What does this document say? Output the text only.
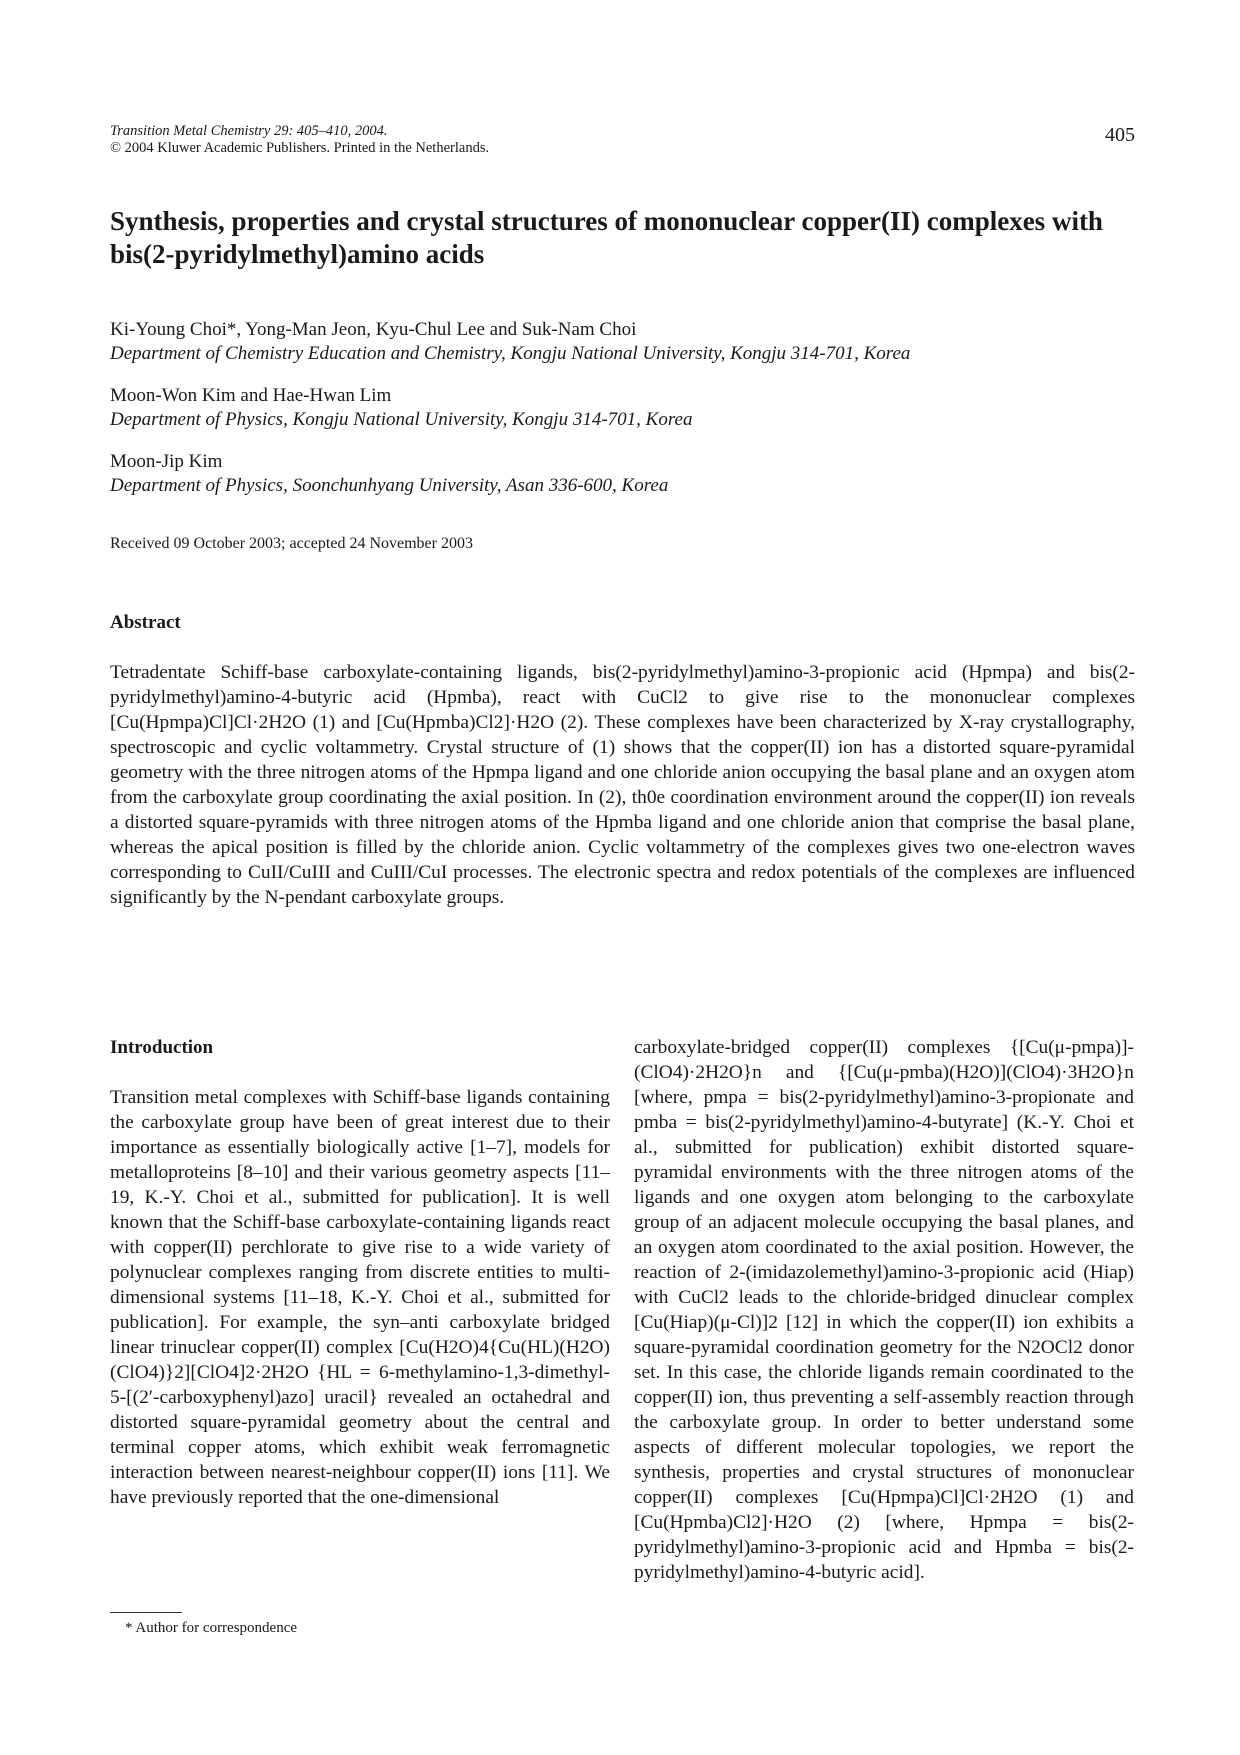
Transition Metal Chemistry 29: 405–410, 2004.
© 2004 Kluwer Academic Publishers. Printed in the Netherlands.
405
Synthesis, properties and crystal structures of mononuclear copper(II) complexes with bis(2-pyridylmethyl)amino acids
Ki-Young Choi*, Yong-Man Jeon, Kyu-Chul Lee and Suk-Nam Choi
Department of Chemistry Education and Chemistry, Kongju National University, Kongju 314-701, Korea
Moon-Won Kim and Hae-Hwan Lim
Department of Physics, Kongju National University, Kongju 314-701, Korea
Moon-Jip Kim
Department of Physics, Soonchunhyang University, Asan 336-600, Korea
Received 09 October 2003; accepted 24 November 2003
Abstract

Tetradentate Schiff-base carboxylate-containing ligands, bis(2-pyridylmethyl)amino-3-propionic acid (Hpmpa) and bis(2-pyridylmethyl)amino-4-butyric acid (Hpmba), react with CuCl2 to give rise to the mononuclear complexes [Cu(Hpmpa)Cl]Cl·2H2O (1) and [Cu(Hpmba)Cl2]·H2O (2). These complexes have been characterized by X-ray crystallography, spectroscopic and cyclic voltammetry. Crystal structure of (1) shows that the copper(II) ion has a distorted square-pyramidal geometry with the three nitrogen atoms of the Hpmpa ligand and one chloride anion occupying the basal plane and an oxygen atom from the carboxylate group coordinating the axial position. In (2), th0e coordination environment around the copper(II) ion reveals a distorted square-pyramids with three nitrogen atoms of the Hpmba ligand and one chloride anion that comprise the basal plane, whereas the apical position is filled by the chloride anion. Cyclic voltammetry of the complexes gives two one-electron waves corresponding to CuII/CuIII and CuIII/CuI processes. The electronic spectra and redox potentials of the complexes are influenced significantly by the N-pendant carboxylate groups.

Introduction

Transition metal complexes with Schiff-base ligands containing the carboxylate group have been of great interest due to their importance as essentially biologically active [1–7], models for metalloproteins [8–10] and their various geometry aspects [11–19, K.-Y. Choi et al., submitted for publication]. It is well known that the Schiff-base carboxylate-containing ligands react with copper(II) perchlorate to give rise to a wide variety of polynuclear complexes ranging from discrete entities to multi-dimensional systems [11–18, K.-Y. Choi et al., submitted for publication]. For example, the syn–anti carboxylate bridged linear trinuclear copper(II) complex [Cu(H2O)4{Cu(HL)(H2O)(ClO4)}2][ClO4]2·2H2O {HL = 6-methylamino-1,3-dimethyl-5-[(2′-carboxyphenyl)azo] uracil} revealed an octahedral and distorted square-pyramidal geometry about the central and terminal copper atoms, which exhibit weak ferromagnetic interaction between nearest-neighbour copper(II) ions [11]. We have previously reported that the one-dimensional

carboxylate-bridged copper(II) complexes {[Cu(μ-pmpa)]-(ClO4)·2H2O}n and {[Cu(μ-pmba)(H2O)](ClO4)·3H2O}n [where, pmpa = bis(2-pyridylmethyl)amino-3-propionate and pmba = bis(2-pyridylmethyl)amino-4-butyrate] (K.-Y. Choi et al., submitted for publication) exhibit distorted square-pyramidal environments with the three nitrogen atoms of the ligands and one oxygen atom belonging to the carboxylate group of an adjacent molecule occupying the basal planes, and an oxygen atom coordinated to the axial position. However, the reaction of 2-(imidazolemethyl)amino-3-propionic acid (Hiap) with CuCl2 leads to the chloride-bridged dinuclear complex [Cu(Hiap)(μ-Cl)]2 [12] in which the copper(II) ion exhibits a square-pyramidal coordination geometry for the N2OCl2 donor set. In this case, the chloride ligands remain coordinated to the copper(II) ion, thus preventing a self-assembly reaction through the carboxylate group. In order to better understand some aspects of different molecular topologies, we report the synthesis, properties and crystal structures of mononuclear copper(II) complexes [Cu(Hpmpa)Cl]Cl·2H2O (1) and [Cu(Hpmba)Cl2]·H2O (2) [where, Hpmpa = bis(2-pyridylmethyl)amino-3-propionic acid and Hpmba = bis(2-pyridylmethyl)amino-4-butyric acid].

* Author for correspondence
